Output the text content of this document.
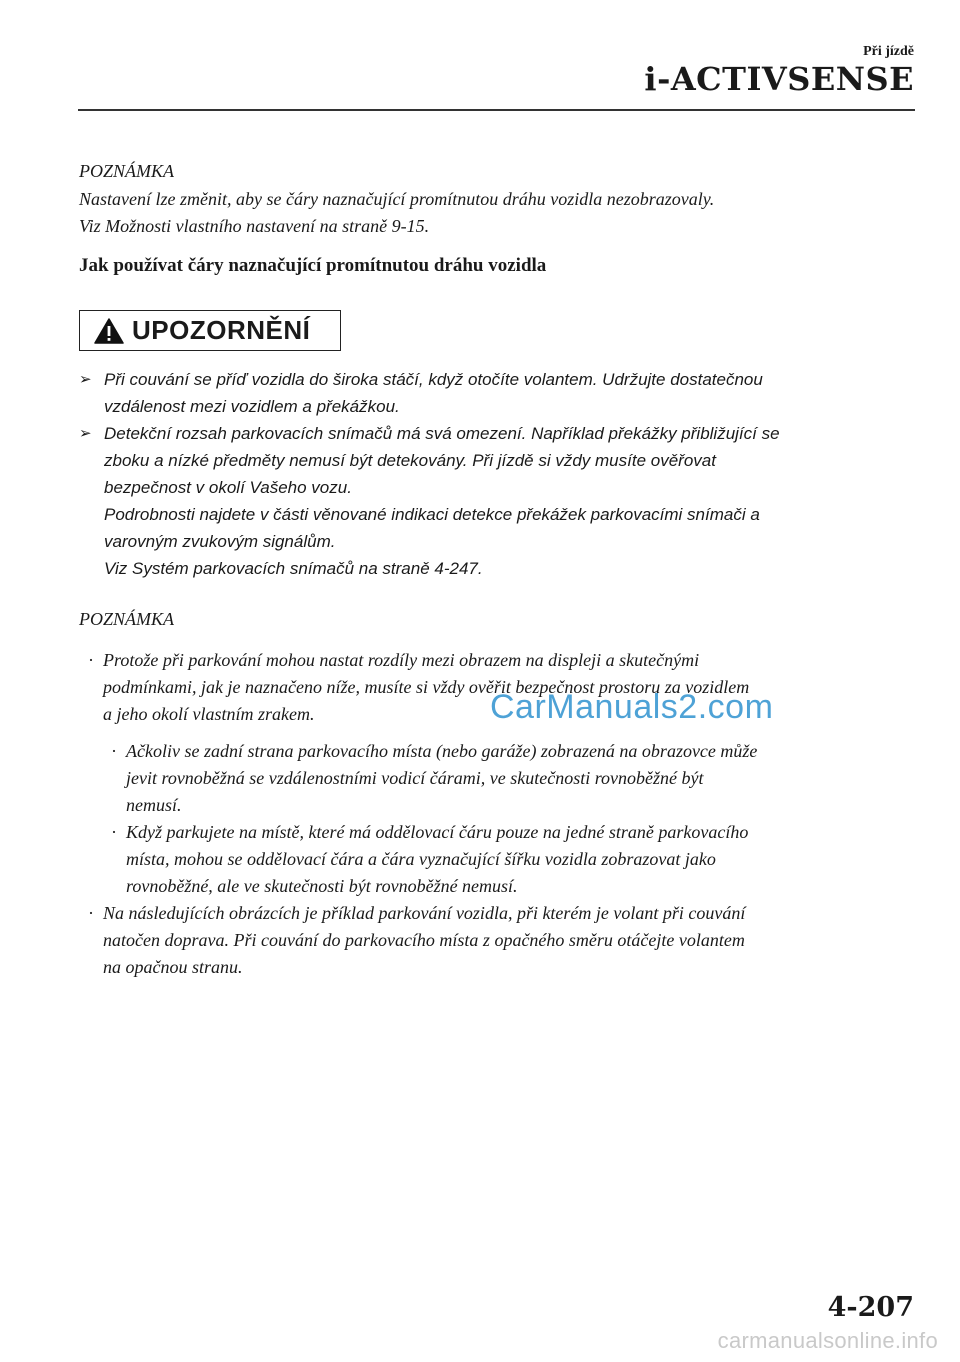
Při jízdě
i-ACTIVSENSE
POZNÁMKA

Nastavení lze změnit, aby se čáry naznačující promítnutou dráhu vozidla nezobrazovaly.

Viz Možnosti vlastního nastavení na straně 9-15.

Jak používat čáry naznačující promítnutou dráhu vozidla
UPOZORNĚNÍ
➢ Při couvání se příď vozidla do široka stáčí, když otočíte volantem. Udržujte dostatečnou

vzdálenost mezi vozidlem a překážkou.

➢ Detekční rozsah parkovacích snímačů má svá omezení. Například překážky přibližující se

zboku a nízké předměty nemusí být detekovány. Při jízdě si vždy musíte ověřovat

bezpečnost v okolí Vašeho vozu.

Podrobnosti najdete v části věnované indikaci detekce překážek parkovacími snímači a

varovným zvukovým signálům.

Viz Systém parkovacích snímačů na straně 4-247.

POZNÁMKA
· Protože při parkování mohou nastat rozdíly mezi obrazem na displeji a skutečnými

podmínkami, jak je naznačeno níže, musíte si vždy ověřit bezpečnost prostoru za vozidlem

a jeho okolí vlastním zrakem.

· Ačkoliv se zadní strana parkovacího místa (nebo garáže) zobrazená na obrazovce může

jevit rovnoběžná se vzdálenostními vodicí čárami, ve skutečnosti rovnoběžné být

nemusí.

· Když parkujete na místě, které má oddělovací čáru pouze na jedné straně parkovacího

místa, mohou se oddělovací čára a čára vyznačující šířku vozidla zobrazovat jako

rovnoběžné, ale ve skutečnosti být rovnoběžné nemusí.

· Na následujících obrázcích je příklad parkování vozidla, při kterém je volant při couvání

natočen doprava. Při couvání do parkovacího místa z opačného směru otáčejte volantem

na opačnou stranu.

CarManuals2.com
4-207
carmanualsonline.info
